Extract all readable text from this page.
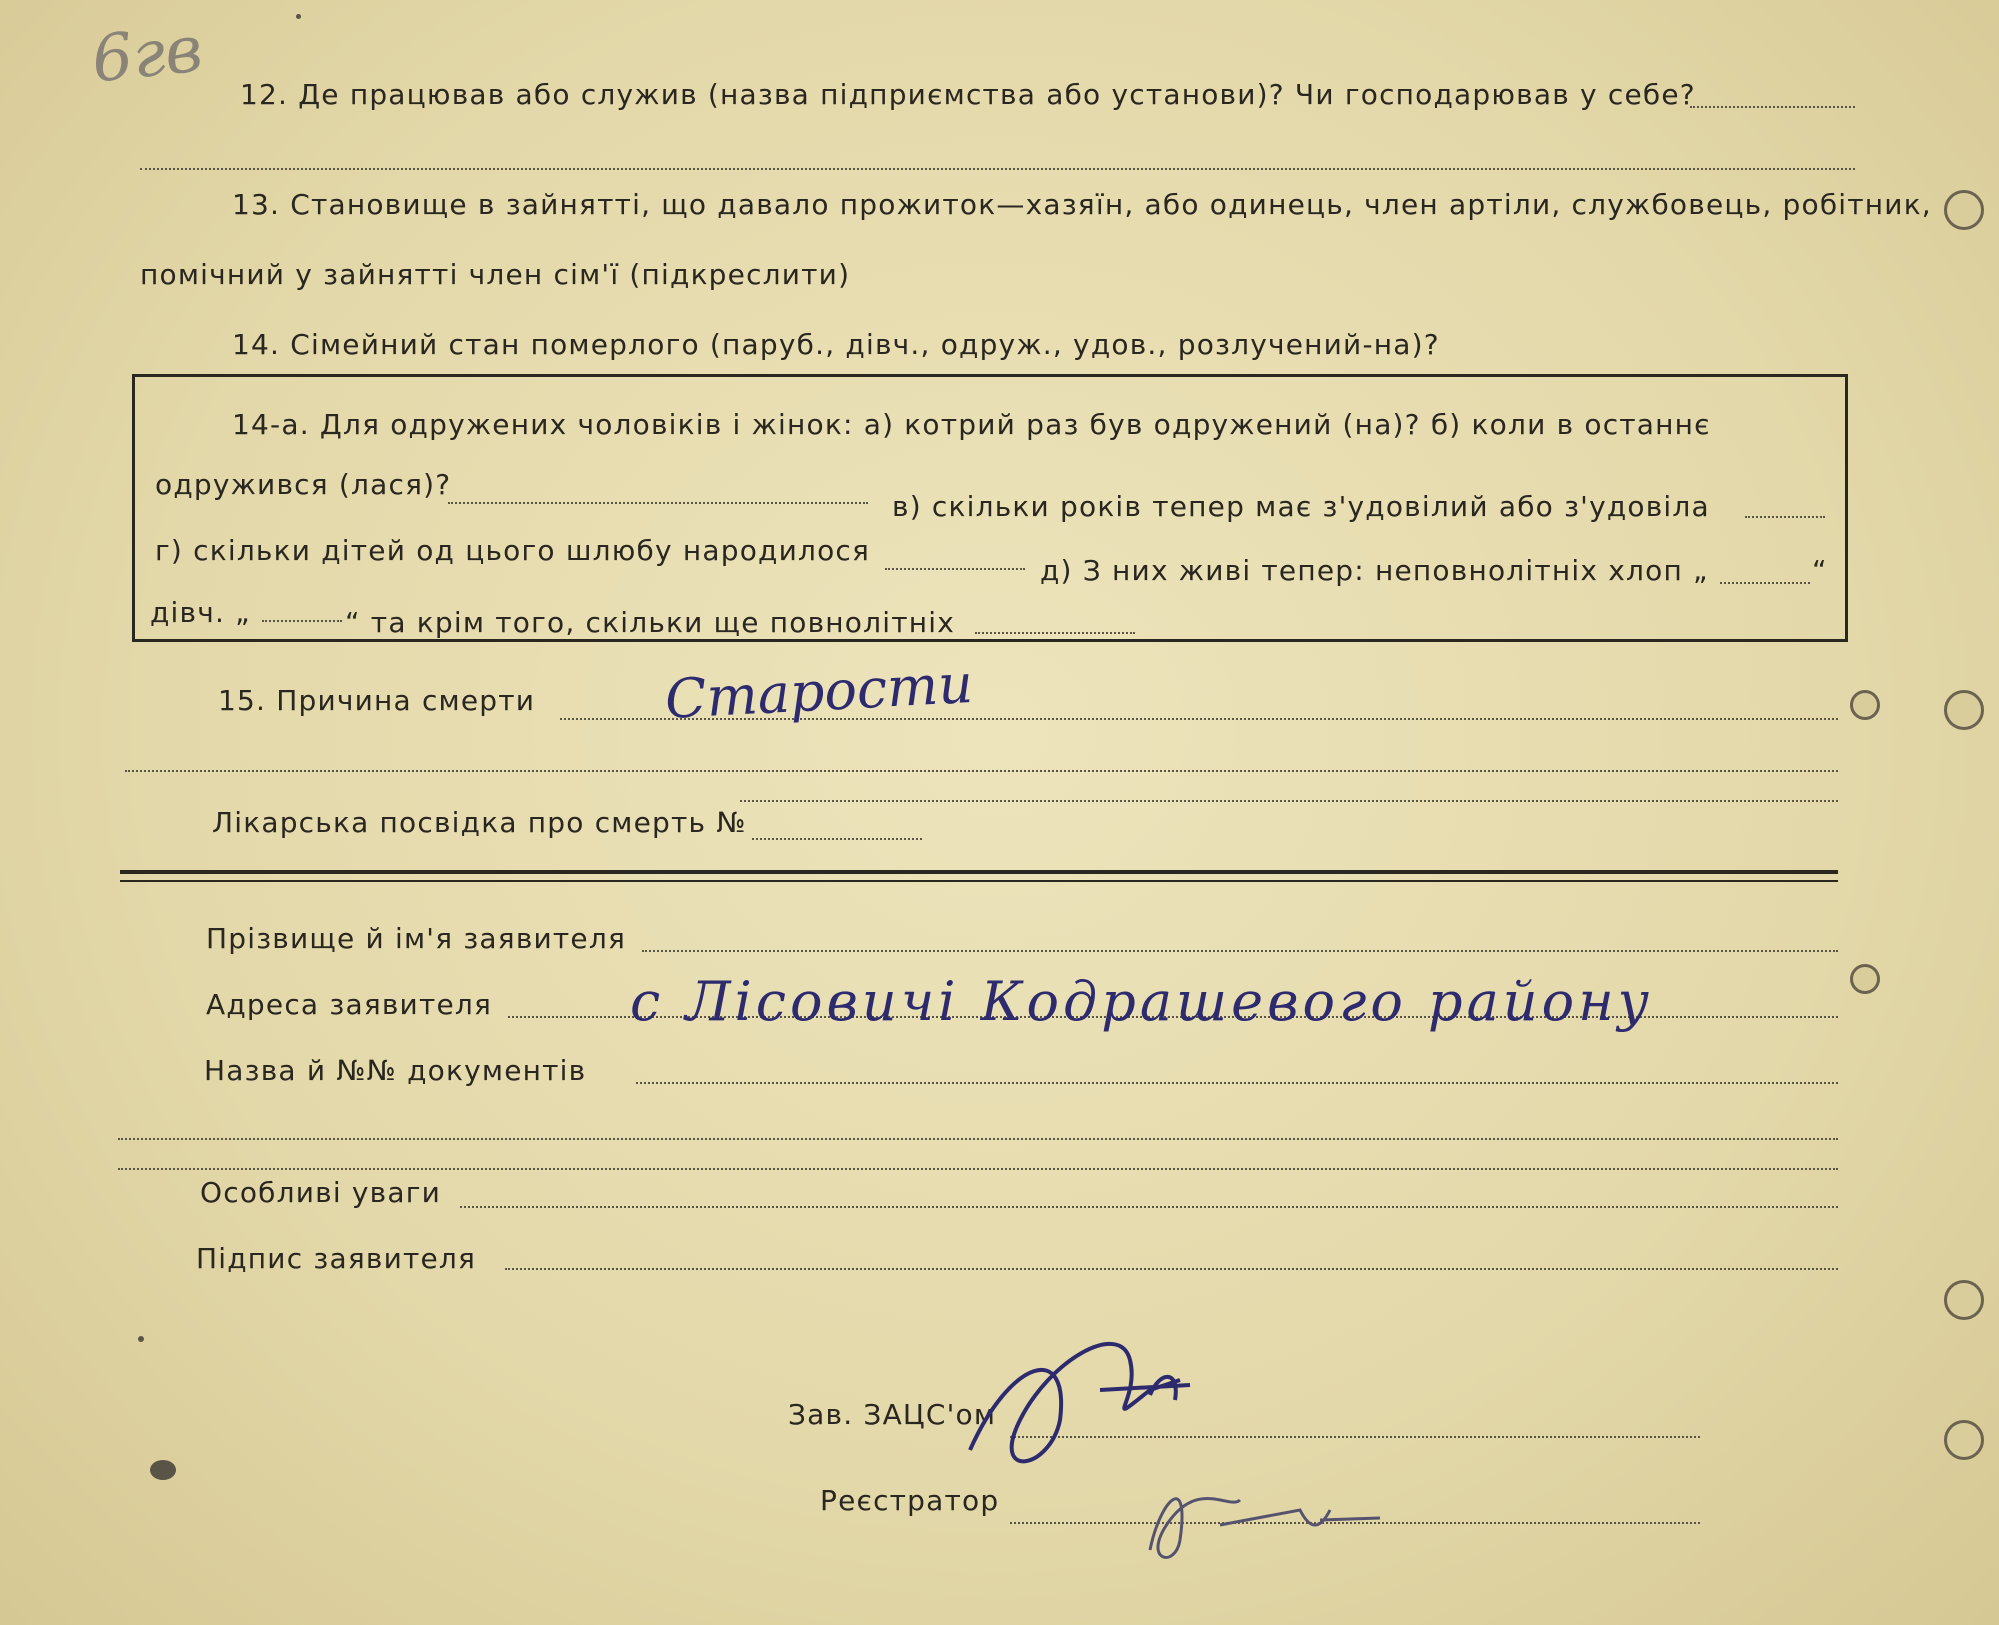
6гв 12. Де працював або служив (назва підприємства або установи)? Чи господарював у себе?
13. Становище в зайнятті, що давало прожиток—хазяїн, або одинець, член артіли, службовець, робітник,
помічний у зайнятті член сім'ї (підкреслити)
14. Сімейний стан померлого (паруб., дівч., одруж., удов., розлучений-на)?
14-а. Для одружених чоловіків і жінок: а) котрий раз був одружений (на)? б) коли в останнє
одружився (лася)?
в) скільки років тепер має з'удовілий або з'удовіла
г) скільки дітей од цього шлюбу народилося
д) З них живі тепер: неповнолітніх хлоп „	“
дівч. „	“ та крім того, скільки ще повнолітніх
15. Причина смерти Старости
Лікарська посвідка про смерть №
Прізвище й ім'я заявителя
Адреса заявителя	с Лісовичі Кодрашевого району
Назва й №№ документів
Особливі уваги
Підпис заявителя
Зав. ЗАЦС'ом
Реєстратор
